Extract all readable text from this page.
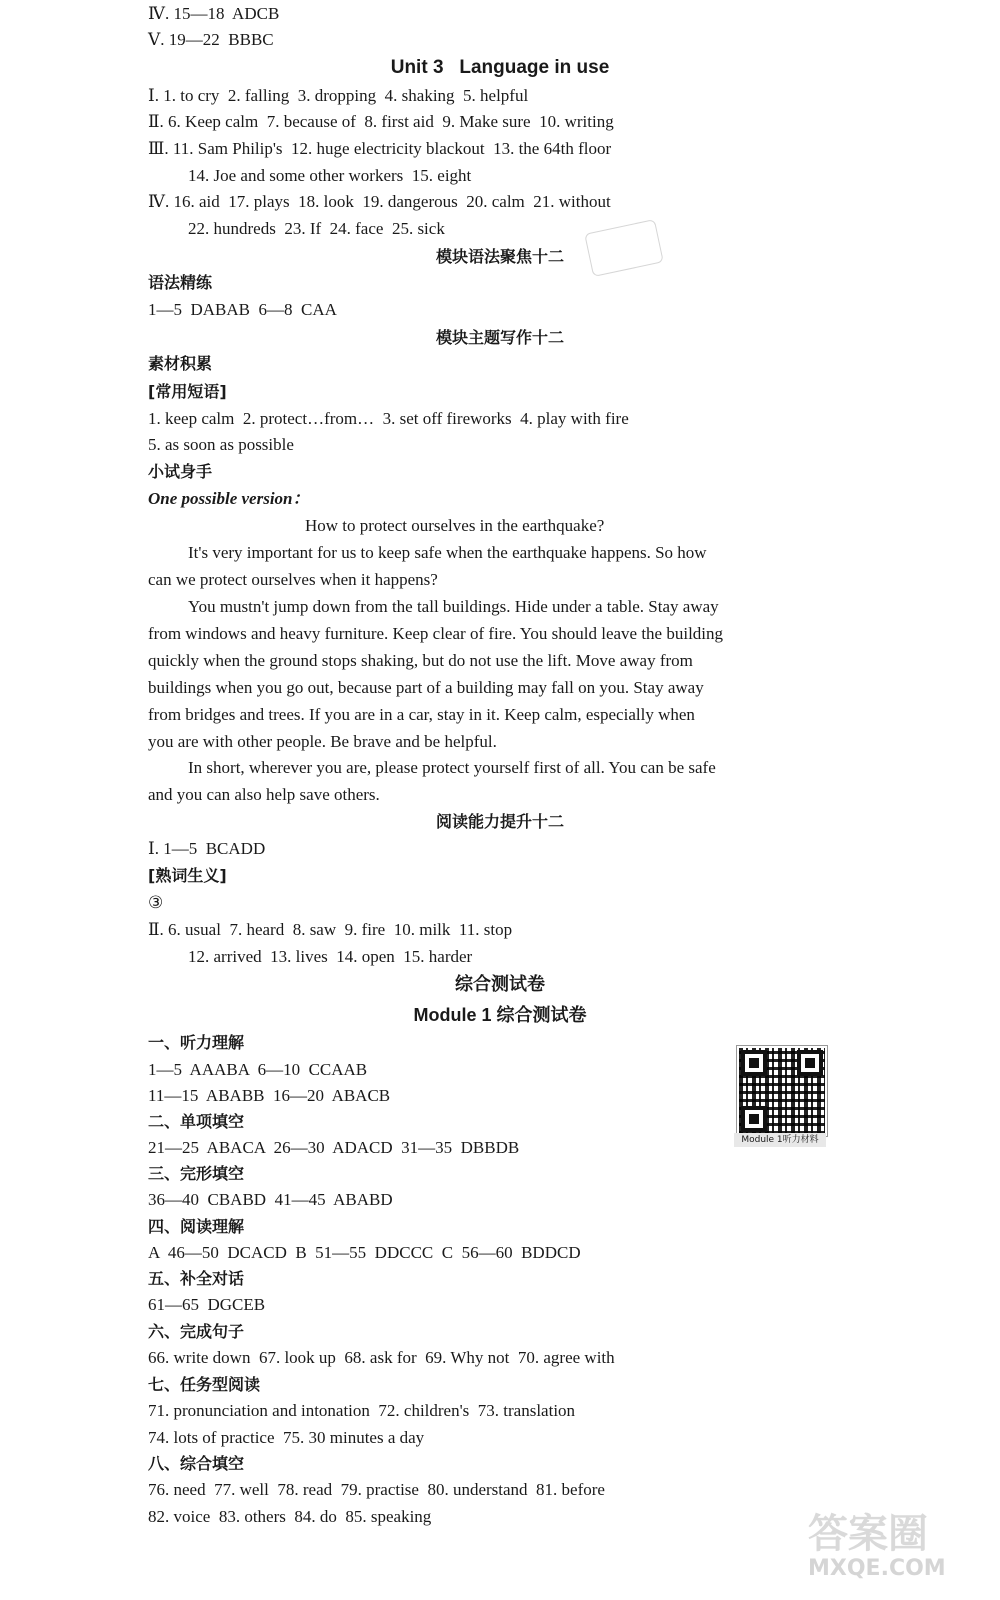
Ⅳ. 15—18  ADCB
Ⅴ. 19—22  BBBC
Unit 3   Language in use
Ⅰ. 1. to cry  2. falling  3. dropping  4. shaking  5. helpful
Ⅱ. 6. Keep calm  7. because of  8. first aid  9. Make sure  10. writing
Ⅲ. 11. Sam Philip's  12. huge electricity blackout  13. the 64th floor
14. Joe and some other workers  15. eight
Ⅳ. 16. aid  17. plays  18. look  19. dangerous  20. calm  21. without
22. hundreds  23. If  24. face  25. sick
模块语法聚焦十二
语法精练
1—5  DABAB  6—8  CAA
模块主题写作十二
素材积累
[常用短语]
1. keep calm  2. protect…from…  3. set off fireworks  4. play with fire
5. as soon as possible
小试身手
One possible version：
How to protect ourselves in the earthquake?
It's very important for us to keep safe when the earthquake happens. So how
can we protect ourselves when it happens?
You mustn't jump down from the tall buildings. Hide under a table. Stay away
from windows and heavy furniture. Keep clear of fire. You should leave the building
quickly when the ground stops shaking, but do not use the lift. Move away from
buildings when you go out, because part of a building may fall on you. Stay away
from bridges and trees. If you are in a car, stay in it. Keep calm, especially when
you are with other people. Be brave and be helpful.
In short, wherever you are, please protect yourself first of all. You can be safe
and you can also help save others.
阅读能力提升十二
Ⅰ. 1—5  BCADD
[熟词生义]
③
Ⅱ. 6. usual  7. heard  8. saw  9. fire  10. milk  11. stop
12. arrived  13. lives  14. open  15. harder
综合测试卷
Module 1 综合测试卷
一、听力理解
1—5  AAABA  6—10  CCAAB
11—15  ABABB  16—20  ABACB
二、单项填空
21—25  ABACA  26—30  ADACD  31—35  DBBDB
三、完形填空
36—40  CBABD  41—45  ABABD
四、阅读理解
A  46—50  DCACD  B  51—55  DDCCC  C  56—60  BDDCD
五、补全对话
61—65  DGCEB
六、完成句子
66. write down  67. look up  68. ask for  69. Why not  70. agree with
七、任务型阅读
71. pronunciation and intonation  72. children's  73. translation
74. lots of practice  75. 30 minutes a day
八、综合填空
76. need  77. well  78. read  79. practise  80. understand  81. before
82. voice  83. others  84. do  85. speaking
Module 1听力材料
答案圈
MXQE.COM
